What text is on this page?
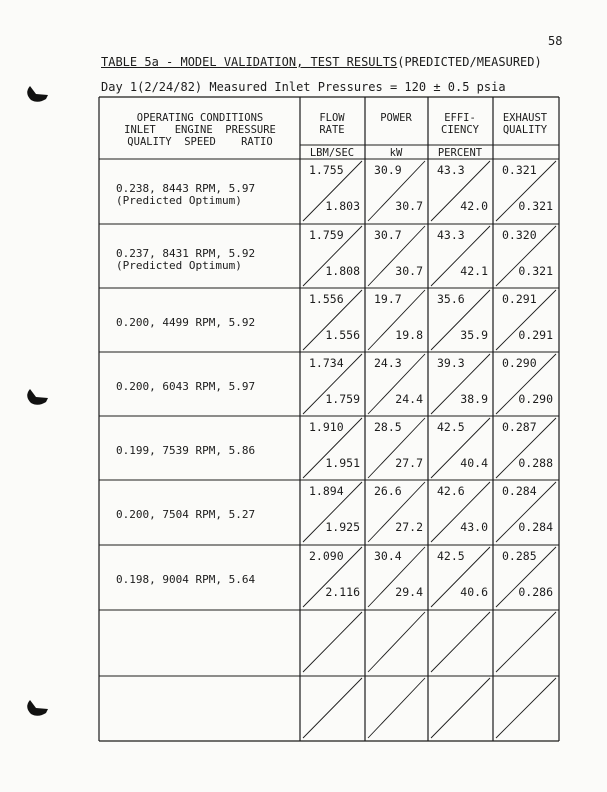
58
TABLE 5a - MODEL VALIDATION, TEST RESULTS(PREDICTED/MEASURED)
Day 1(2/24/82) Measured Inlet Pressures = 120 ± 0.5 psia
OPERATING CONDITIONS
INLET   ENGINE  PRESSURE
QUALITY  SPEED    RATIO
FLOW
RATE
LBM/SEC
POWER
kW
EFFI-
CIENCY
PERCENT
EXHAUST
QUALITY
0.238, 8443 RPM, 5.97
(Predicted Optimum)
1.755
1.803
30.9
30.7
43.3
42.0
0.321
0.321
0.237, 8431 RPM, 5.92
(Predicted Optimum)
1.759
1.808
30.7
30.7
43.3
42.1
0.320
0.321
0.200, 4499 RPM, 5.92
1.556
1.556
19.7
19.8
35.6
35.9
0.291
0.291
0.200, 6043 RPM, 5.97
1.734
1.759
24.3
24.4
39.3
38.9
0.290
0.290
0.199, 7539 RPM, 5.86
1.910
1.951
28.5
27.7
42.5
40.4
0.287
0.288
0.200, 7504 RPM, 5.27
1.894
1.925
26.6
27.2
42.6
43.0
0.284
0.284
0.198, 9004 RPM, 5.64
2.090
2.116
30.4
29.4
42.5
40.6
0.285
0.286
